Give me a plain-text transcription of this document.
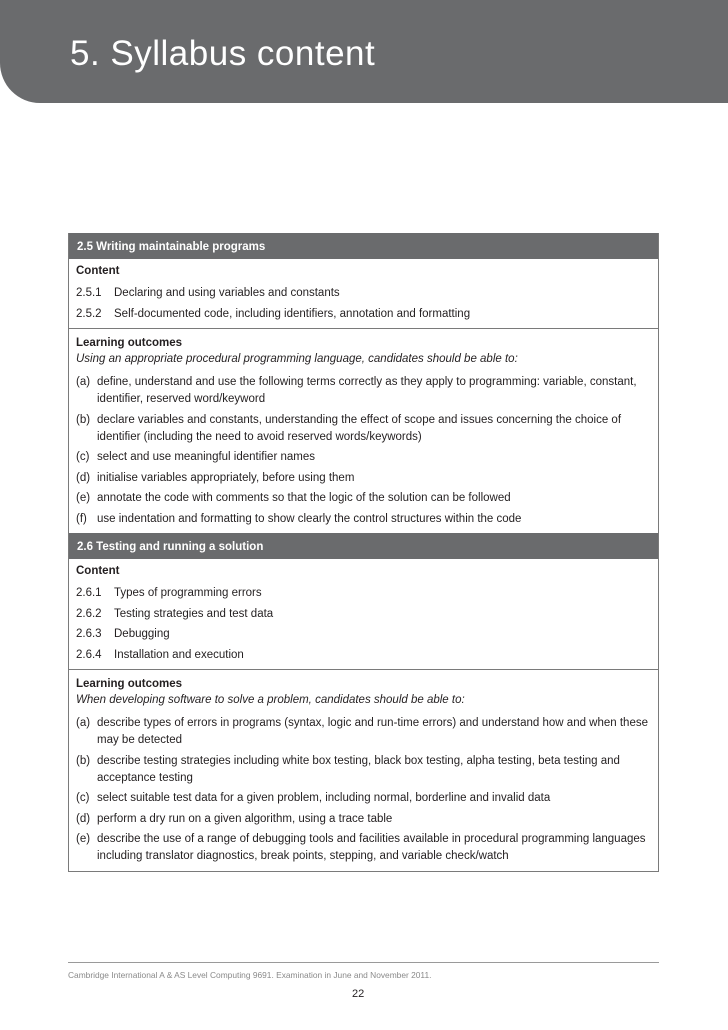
5. Syllabus content
2.5 Writing maintainable programs
Content
2.5.1	Declaring and using variables and constants
2.5.2	Self-documented code, including identifiers, annotation and formatting
Learning outcomes
Using an appropriate procedural programming language, candidates should be able to:
(a) define, understand and use the following terms correctly as they apply to programming: variable, constant, identifier, reserved word/keyword
(b) declare variables and constants, understanding the effect of scope and issues concerning the choice of identifier (including the need to avoid reserved words/keywords)
(c) select and use meaningful identifier names
(d) initialise variables appropriately, before using them
(e) annotate the code with comments so that the logic of the solution can be followed
(f) use indentation and formatting to show clearly the control structures within the code
2.6 Testing and running a solution
Content
2.6.1	Types of programming errors
2.6.2	Testing strategies and test data
2.6.3	Debugging
2.6.4	Installation and execution
Learning outcomes
When developing software to solve a problem, candidates should be able to:
(a) describe types of errors in programs (syntax, logic and run-time errors) and understand how and when these may be detected
(b) describe testing strategies including white box testing, black box testing, alpha testing, beta testing and acceptance testing
(c) select suitable test data for a given problem, including normal, borderline and invalid data
(d) perform a dry run on a given algorithm, using a trace table
(e) describe the use of a range of debugging tools and facilities available in procedural programming languages including translator diagnostics, break points, stepping, and variable check/watch
Cambridge International A & AS Level Computing 9691. Examination in June and November 2011.
22
